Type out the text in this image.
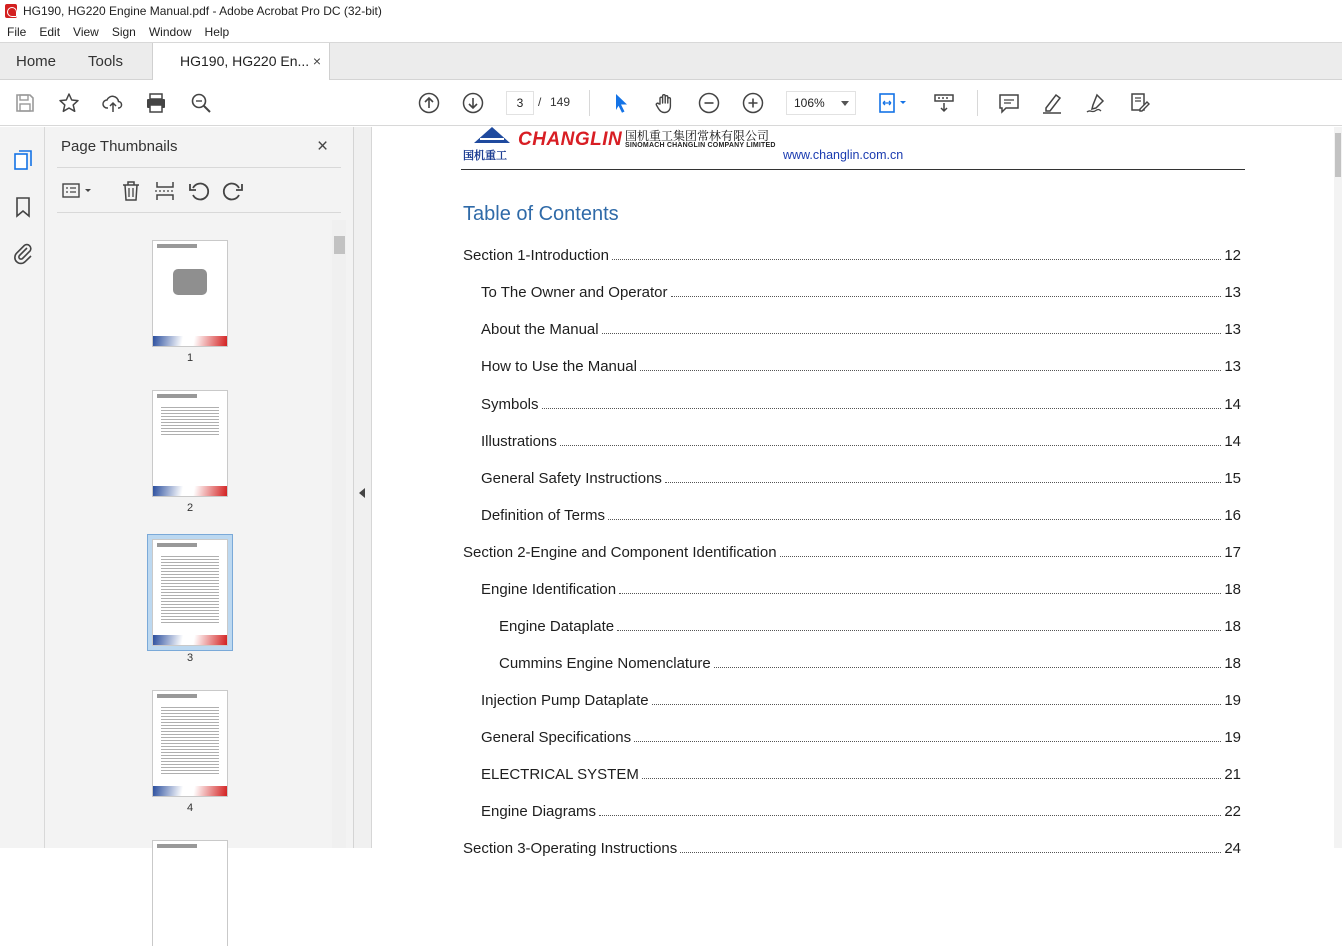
HG190, HG220 Engine Manual.pdf - Adobe Acrobat Pro DC (32-bit)
File	Edit	View	Sign	Window	Help
Home Tools	HG190, HG220 En... ×
3	/ 149	106%
Page Thumbnails	×
1
2
3
4
国机重工
CHANGLIN 国机重工集团常林有限公司
SINOMACH CHANGLIN COMPANY LIMITED
www.changlin.com.cn
Table of Contents
Section 1-Introduction	12
To The Owner and Operator	13
About the Manual	13
How to Use the Manual	13
Symbols	14
Illustrations	14
General Safety Instructions	15
Definition of Terms	16
Section 2-Engine and Component Identification	17
Engine Identification	18
Engine Dataplate	18
Cummins Engine Nomenclature	18
Injection Pump Dataplate	19
General Specifications	19
ELECTRICAL SYSTEM	21
Engine Diagrams	22
Section 3-Operating Instructions	24
